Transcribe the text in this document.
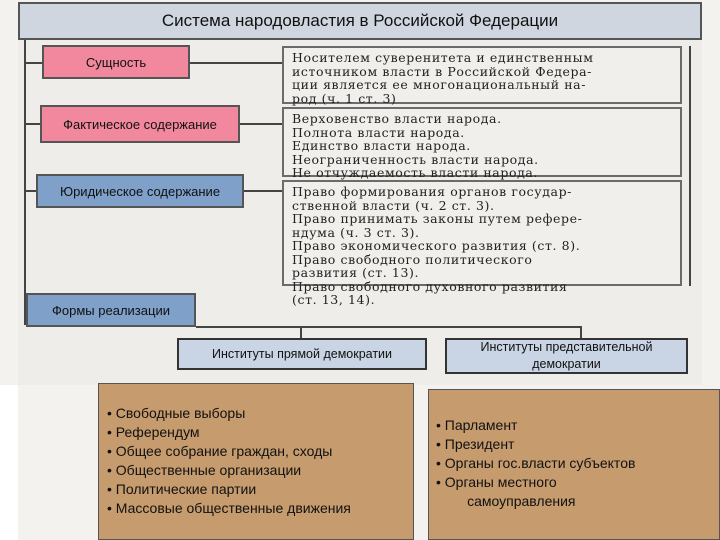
Система народовластия в Российской Федерации
Сущность
Фактическое содержание
Юридическое содержание
Формы реализации
Носителем суверенитета и единственным
источником власти в Российской Федера-
ции является ее многонациональный на-
род (ч. 1 ст. 3)
Верховенство власти народа.
Полнота власти народа.
Единство власти народа.
Неограниченность власти народа.
Не отчуждаемость власти народа.
Право формирования органов государ-
ственной власти (ч. 2 ст. 3).
Право принимать законы путем рефере-
ндума (ч. 3 ст. 3).
Право экономического развития (ст. 8).
Право свободного политического
развития (ст. 13).
Право свободного духовного развития
(ст. 13, 14).
Институты прямой демократии	Институты представительной демократии
• Свободные выборы
• Референдум
• Общее собрание граждан, сходы
• Общественные организации
• Политические партии
• Массовые общественные движения
• Парламент
• Президент
• Органы гос.власти субъектов
• Органы местного
самоуправления
